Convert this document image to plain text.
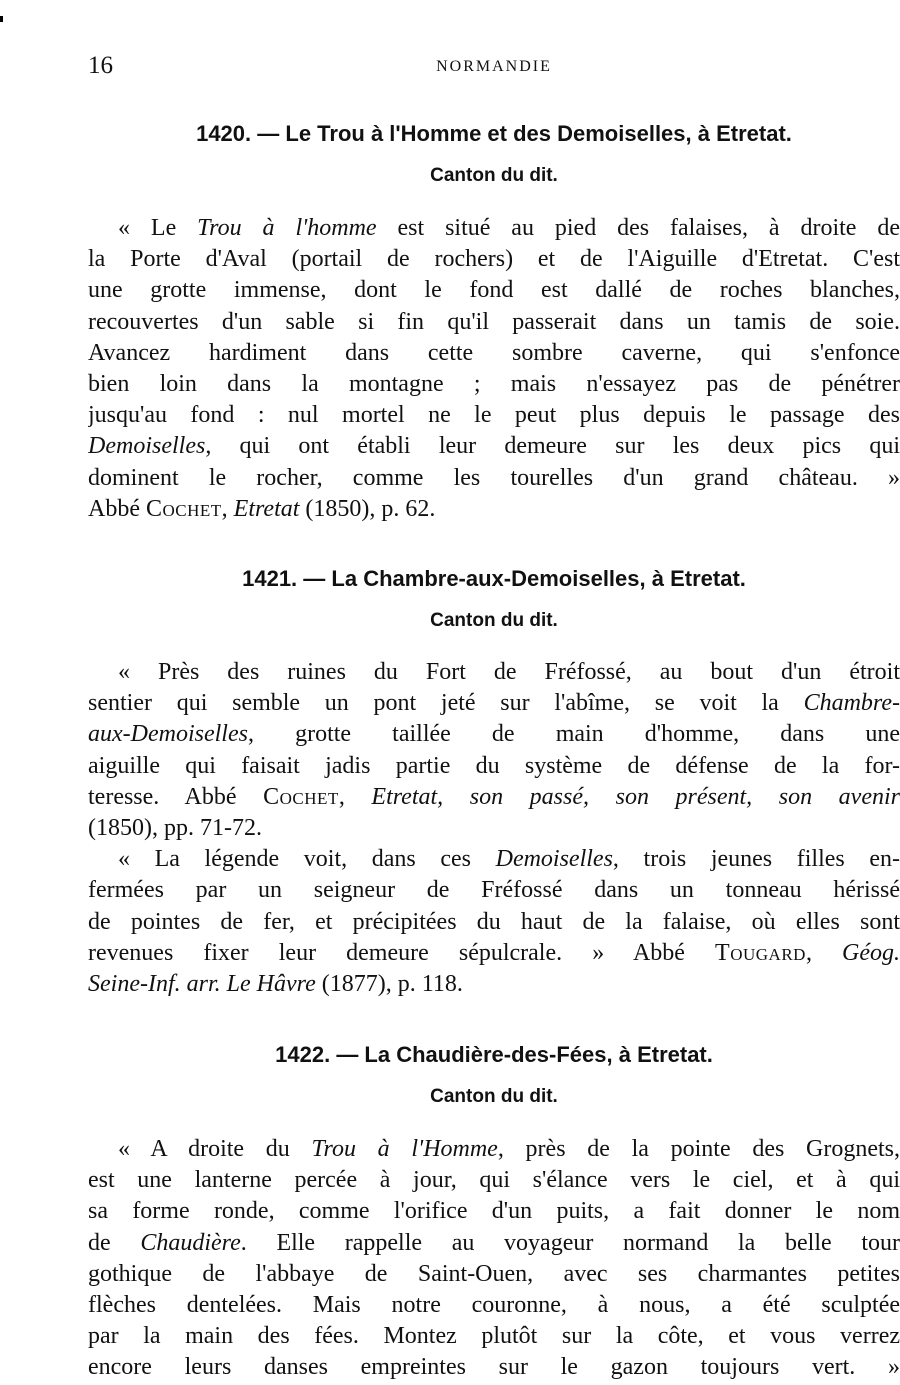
16	NORMANDIE
1420. — Le Trou à l'Homme et des Demoiselles, à Etretat.
Canton du dit.
« Le Trou à l'homme est situé au pied des falaises, à droite de
la Porte d'Aval (portail de rochers) et de l'Aiguille d'Etretat. C'est
une grotte immense, dont le fond est dallé de roches blanches,
recouvertes d'un sable si fin qu'il passerait dans un tamis de soie.
Avancez hardiment dans cette sombre caverne, qui s'enfonce
bien loin dans la montagne ; mais n'essayez pas de pénétrer
jusqu'au fond : nul mortel ne le peut plus depuis le passage des
Demoiselles, qui ont établi leur demeure sur les deux pics qui
dominent le rocher, comme les tourelles d'un grand château. »
Abbé Cochet, Etretat (1850), p. 62.
1421. — La Chambre-aux-Demoiselles, à Etretat.
Canton du dit.
« Près des ruines du Fort de Fréfossé, au bout d'un étroit
sentier qui semble un pont jeté sur l'abîme, se voit la Chambre-
aux-Demoiselles, grotte taillée de main d'homme, dans une
aiguille qui faisait jadis partie du système de défense de la for-
teresse. Abbé Cochet, Etretat, son passé, son présent, son avenir
(1850), pp. 71-72.
« La légende voit, dans ces Demoiselles, trois jeunes filles en-
fermées par un seigneur de Fréfossé dans un tonneau hérissé
de pointes de fer, et précipitées du haut de la falaise, où elles sont
revenues fixer leur demeure sépulcrale. » Abbé Tougard, Géog.
Seine-Inf. arr. Le Hâvre (1877), p. 118.
1422. — La Chaudière-des-Fées, à Etretat.
Canton du dit.
« A droite du Trou à l'Homme, près de la pointe des Grognets,
est une lanterne percée à jour, qui s'élance vers le ciel, et à qui
sa forme ronde, comme l'orifice d'un puits, a fait donner le nom
de Chaudière. Elle rappelle au voyageur normand la belle tour
gothique de l'abbaye de Saint-Ouen, avec ses charmantes petites
flèches dentelées. Mais notre couronne, à nous, a été sculptée
par la main des fées. Montez plutôt sur la côte, et vous verrez
encore leurs danses empreintes sur le gazon toujours vert. »
